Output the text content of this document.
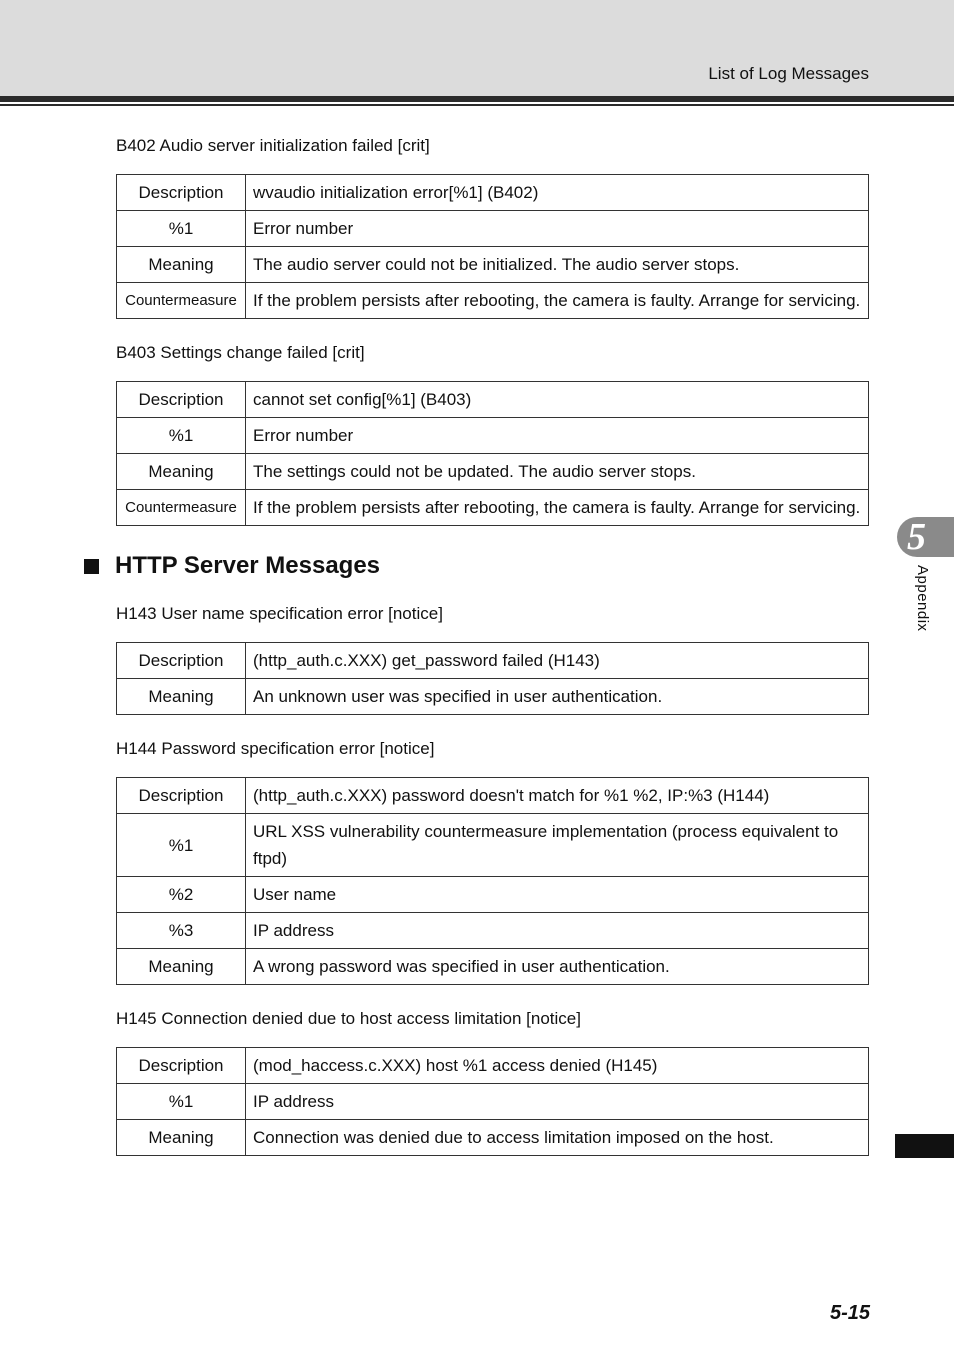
List of Log Messages
B402 Audio server initialization failed [crit]
Description	wvaudio initialization error[%1] (B402)
%1	Error number
Meaning	The audio server could not be initialized. The audio server stops.
Countermeasure	If the problem persists after rebooting, the camera is faulty. Arrange for servicing.
B403 Settings change failed [crit]
Description	cannot set config[%1] (B403)
%1	Error number
Meaning	The settings could not be updated. The audio server stops.
Countermeasure	If the problem persists after rebooting, the camera is faulty. Arrange for servicing.
HTTP Server Messages
H143 User name specification error [notice]
Description	(http_auth.c.XXX) get_password failed (H143)
Meaning	An unknown user was specified in user authentication.
H144 Password specification error [notice]
Description	(http_auth.c.XXX) password doesn't match for %1 %2, IP:%3 (H144)
%1	URL XSS vulnerability countermeasure implementation (process equivalent to ftpd)
%2	User name
%3	IP address
Meaning	A wrong password was specified in user authentication.
H145 Connection denied due to host access limitation [notice]
Description	(mod_haccess.c.XXX) host %1 access denied (H145)
%1	IP address
Meaning	Connection was denied due to access limitation imposed on the host.
5
Appendix
5-15
